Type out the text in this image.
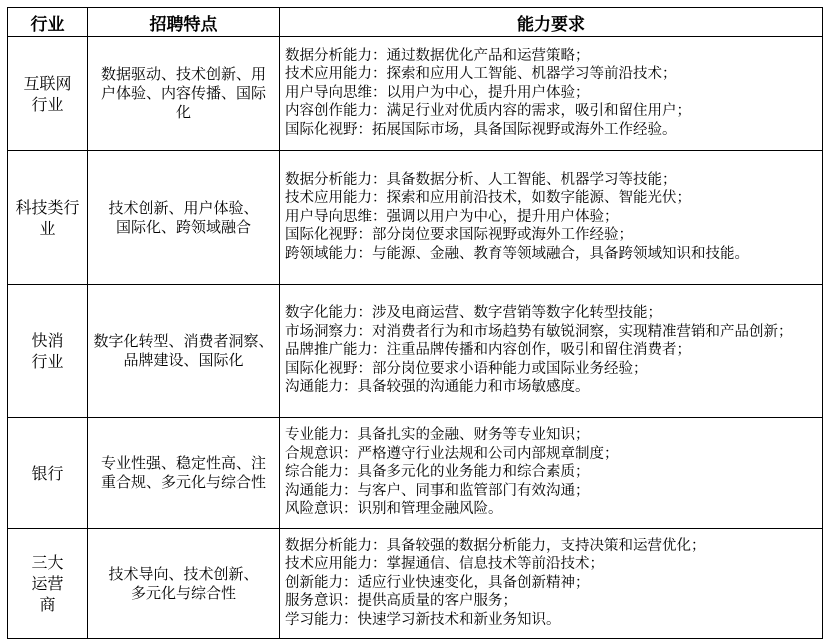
行业	招聘特点	能力要求
互联网行业	数据驱动、技术创新、用户体验、内容传播、国际化	数据分析能力：通过数据优化产品和运营策略；
技术应用能力：探索和应用人工智能、机器学习等前沿技术；
用户导向思维：以用户为中心，提升用户体验；
内容创作能力：满足行业对优质内容的需求，吸引和留住用户；
国际化视野：拓展国际市场，具备国际视野或海外工作经验。

科技类行业	技术创新、用户体验、国际化、跨领域融合	数据分析能力：具备数据分析、人工智能、机器学习等技能；
技术应用能力：探索和应用前沿技术，如数字能源、智能光伏；
用户导向思维：强调以用户为中心，提升用户体验；
国际化视野：部分岗位要求国际视野或海外工作经验；
跨领域能力：与能源、金融、教育等领域融合，具备跨领域知识和技能。

快消行业	数字化转型、消费者洞察、品牌建设、国际化	数字化能力：涉及电商运营、数字营销等数字化转型技能；
市场洞察力：对消费者行为和市场趋势有敏锐洞察，实现精准营销和产品创新；
品牌推广能力：注重品牌传播和内容创作，吸引和留住消费者；
国际化视野：部分岗位要求小语种能力或国际业务经验；
沟通能力：具备较强的沟通能力和市场敏感度。

银行	专业性强、稳定性高、注重合规、多元化与综合性	专业能力：具备扎实的金融、财务等专业知识；
合规意识：严格遵守行业法规和公司内部规章制度；
综合能力：具备多元化的业务能力和综合素质；
沟通能力：与客户、同事和监管部门有效沟通；
风险意识：识别和管理金融风险。

三大运营商	技术导向、技术创新、多元化与综合性	数据分析能力：具备较强的数据分析能力，支持决策和运营优化；
技术应用能力：掌握通信、信息技术等前沿技术；
创新能力：适应行业快速变化，具备创新精神；
服务意识：提供高质量的客户服务；
学习能力：快速学习新技术和新业务知识。
